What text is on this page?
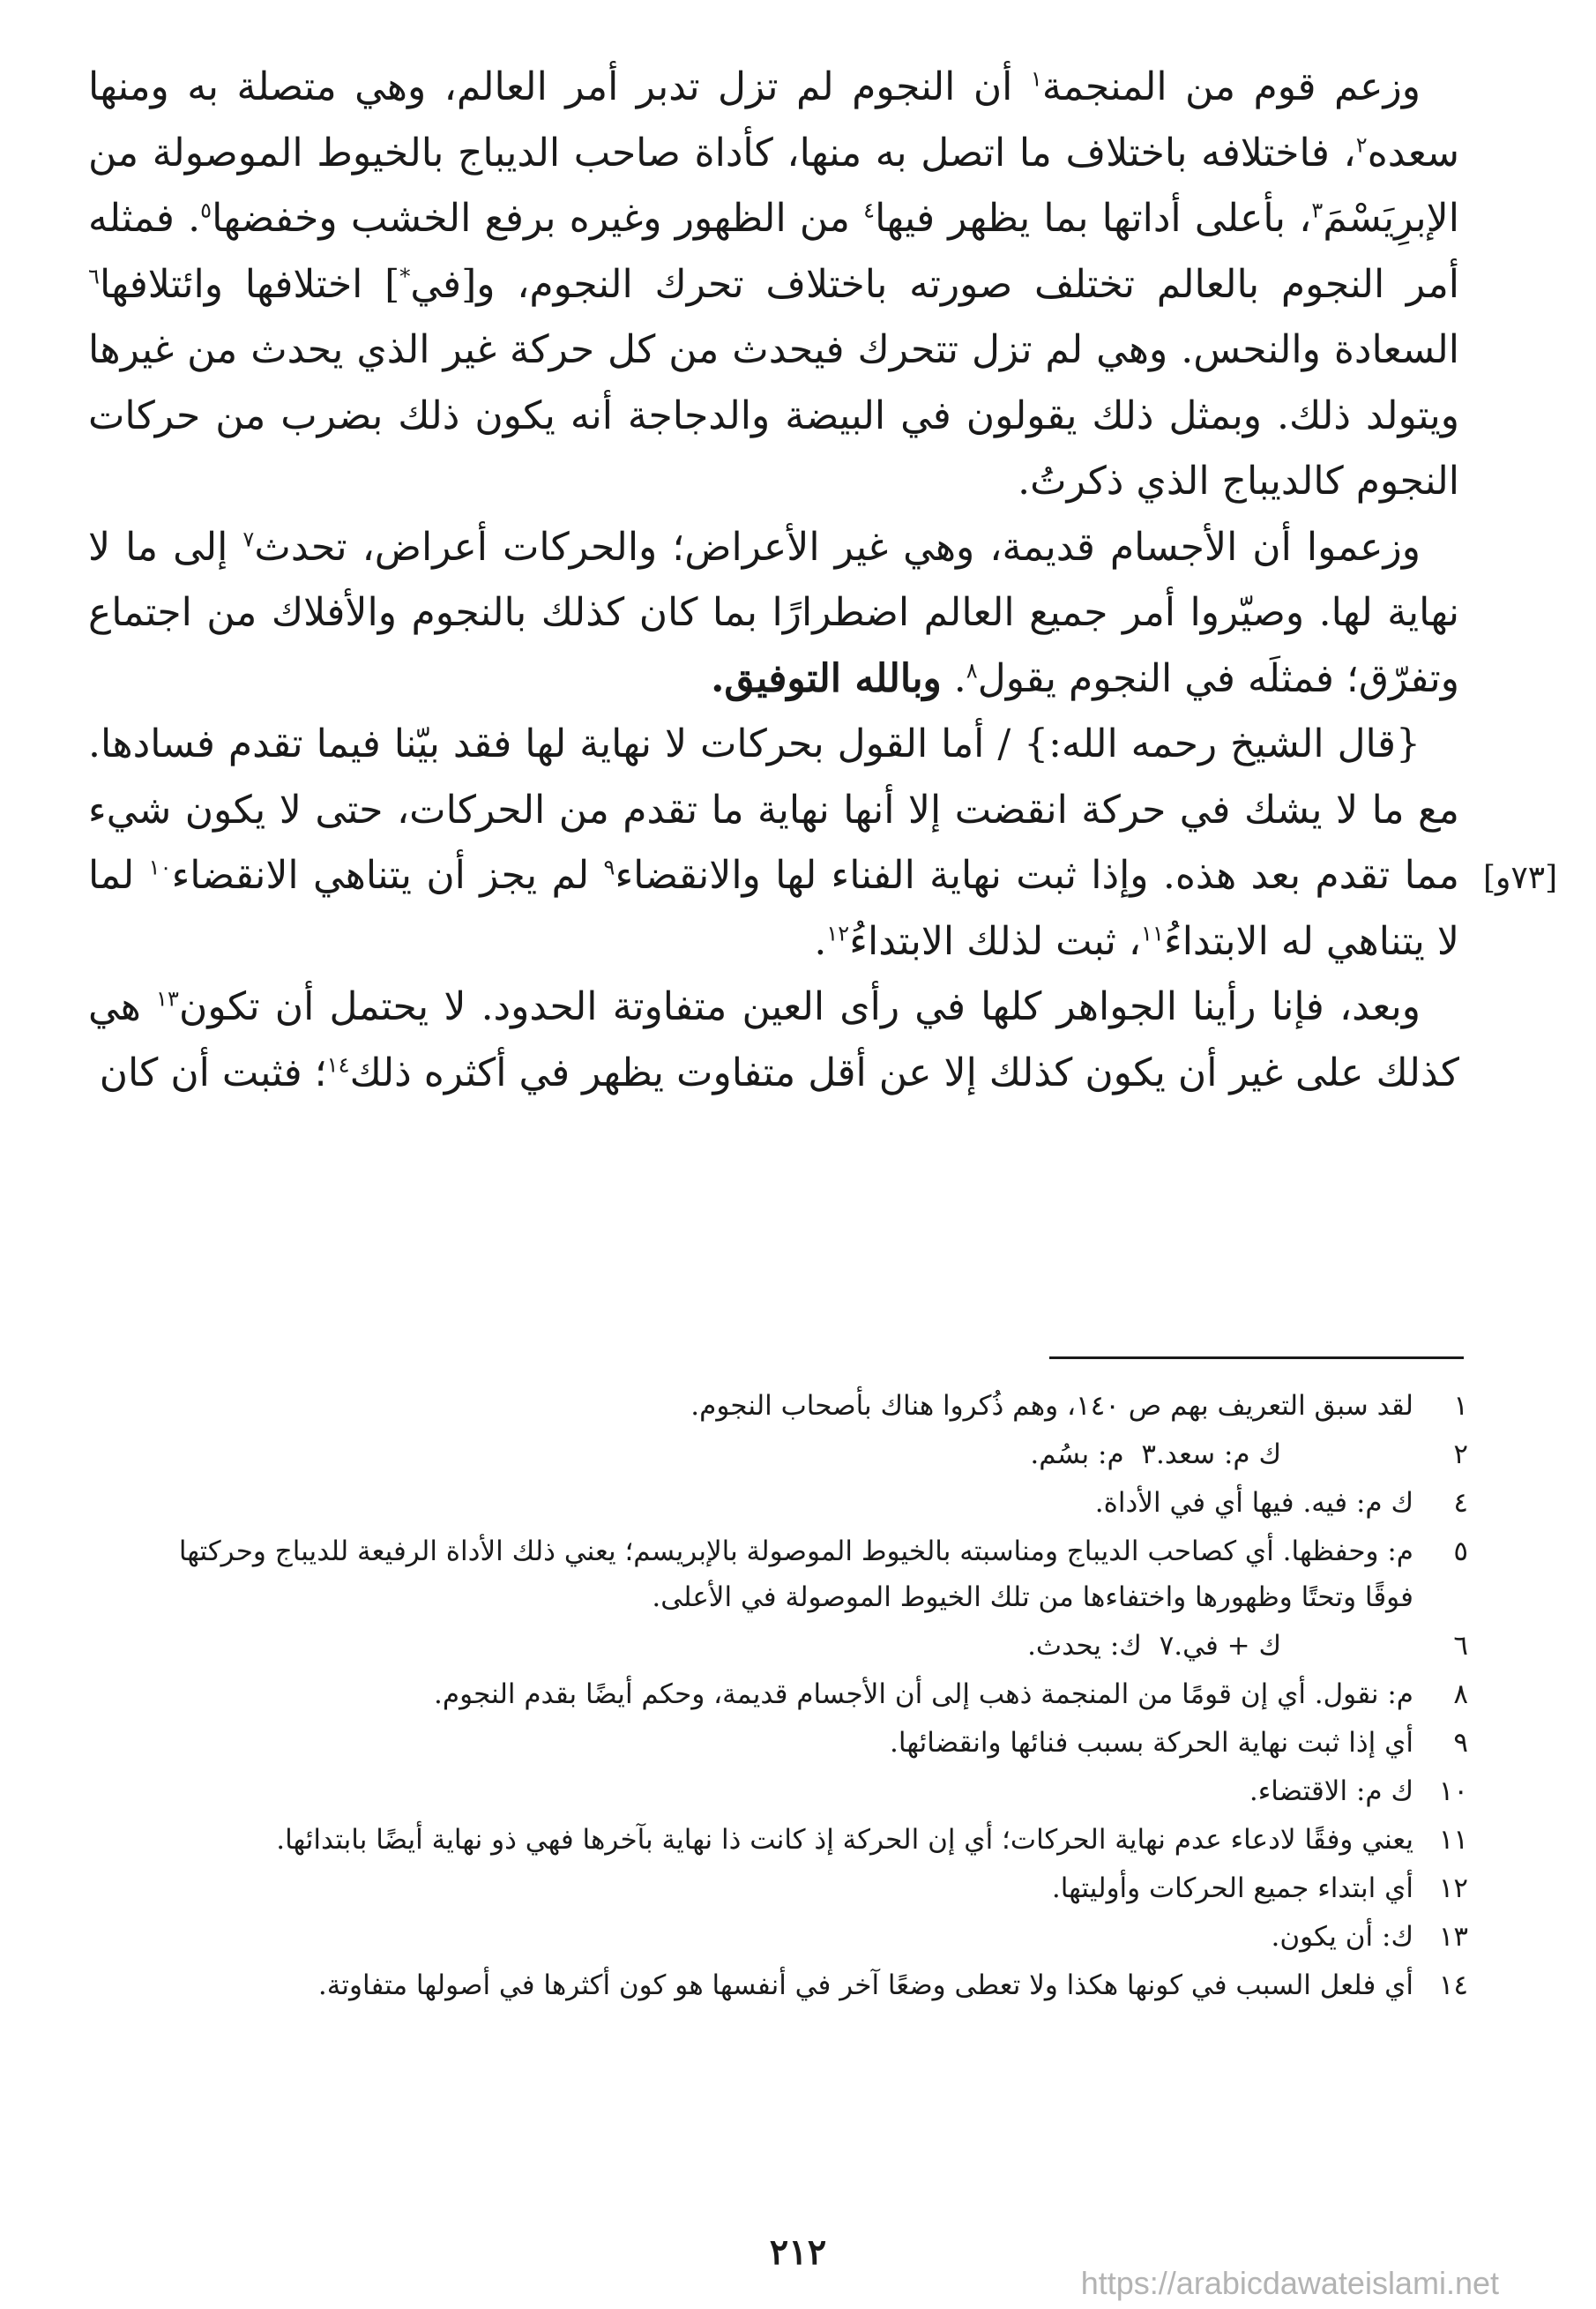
وزعم قوم من المنجمة$^١$ أن النجوم لم تزل تدبر أمر العالم، وهي متصلة به ومنها سعده$^٢$، فاختلافه باختلاف ما اتصل به منها، كأداة صاحب الديباج بالخيوط الموصولة من الإبرِيَسْمَ$^٣$، بأعلى أداتها بما يظهر فيها$^٤$ من الظهور وغيره برفع الخشب وخفضها$^٥$. فمثله أمر النجوم بالعالم تختلف صورته باختلاف تحرك النجوم، و[في*] اختلافها وائتلافها$^٦$ السعادة والنحس. وهي لم تزل تتحرك فيحدث من كل حركة غير الذي يحدث من غيرها ويتولد ذلك. وبمثل ذلك يقولون في البيضة والدجاجة أنه يكون ذلك بضرب من حركات النجوم كالديباج الذي ذكرتُ.

وزعموا أن الأجسام قديمة، وهي غير الأعراض؛ والحركات أعراض، تحدث$^٧$ إلى ما لا نهاية لها. وصيّروا أمر جميع العالم اضطرارًا بما كان كذلك بالنجوم والأفلاك من اجتماع وتفرّق؛ فمثلَه في النجوم يقول$^٨$. وبالله التوفيق.

{قال الشيخ رحمه الله:} / أما القول بحركات لا نهاية لها فقد بيّنا فيما تقدم فسادها. مع ما لا يشك في حركة انقضت إلا أنها نهاية ما تقدم من الحركات، حتى لا يكون شيء مما تقدم بعد هذه. وإذا ثبت نهاية الفناء لها والانقضاء$^٩$ لم يجز أن يتناهي الانقضاء$^{١٠}$ لما لا يتناهي له الابتداءُ$^{١١}$، ثبت لذلك الابتداءُ$^{١٢}$.

وبعد، فإنا رأينا الجواهر كلها في رأى العين متفاوتة الحدود. لا يحتمل أن تكون$^{١٣}$ هي كذلك على غير أن يكون كذلك إلا عن أقل متفاوت يظهر في أكثره ذلك$^{١٤}$؛ فثبت أن كان

[٧٣و]
١
لقد سبق التعريف بهم ص ١٤٠، وهم ذُكروا هناك بأصحاب النجوم.
٢
ك م: سعد.٣  م: بسُم.
٤
ك م: فيه. فيها أي في الأداة.
٥
م: وحفظها. أي كصاحب الديباج ومناسبته بالخيوط الموصولة بالإبريسم؛ يعني ذلك الأداة الرفيعة للديباج وحركتها فوقًا وتحتًا وظهورها واختفاءها من تلك الخيوط الموصولة في الأعلى.
٦
ك + في.٧  ك: يحدث.
٨
م: نقول. أي إن قومًا من المنجمة ذهب إلى أن الأجسام قديمة، وحكم أيضًا بقدم النجوم.
٩
أي إذا ثبت نهاية الحركة بسبب فنائها وانقضائها.
١٠
ك م: الاقتضاء.
١١
يعني وفقًا لادعاء عدم نهاية الحركات؛ أي إن الحركة إذ كانت ذا نهاية بآخرها فهي ذو نهاية أيضًا بابتدائها.
١٢
أي ابتداء جميع الحركات وأوليتها.
١٣
ك: أن يكون.
١٤
أي فلعل السبب في كونها هكذا ولا تعطى وضعًا آخر في أنفسها هو كون أكثرها في أصولها متفاوتة.
٢١٢
https://arabicdawateislami.net
